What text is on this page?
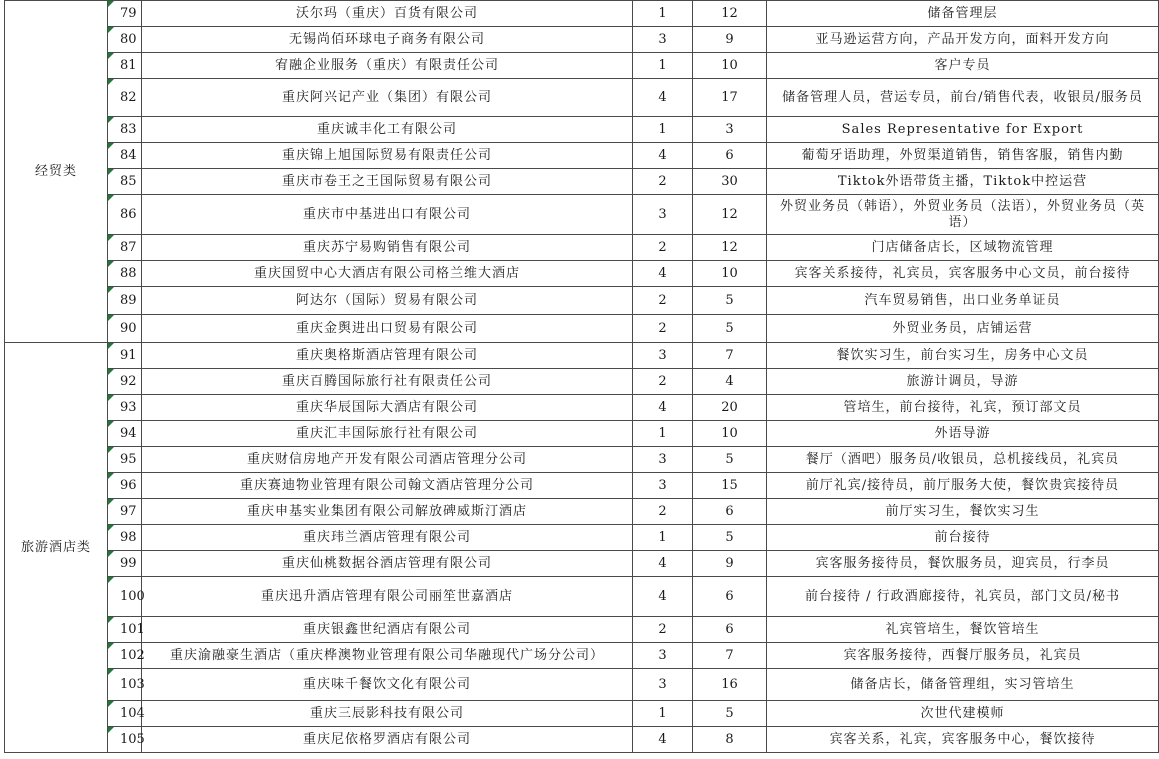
经贸类	79	沃尔玛（重庆）百货有限公司	1	12	储备管理层
	80	无锡尚佰环球电子商务有限公司	3	9	亚马逊运营方向，产品开发方向，面料开发方向
	81	宥融企业服务（重庆）有限责任公司	1	10	客户专员
	82	重庆阿兴记产业（集团）有限公司	4	17	储备管理人员，营运专员，前台/销售代表，收银员/服务员
	83	重庆诚丰化工有限公司	1	3	Sales Representative for Export
	84	重庆锦上旭国际贸易有限责任公司	4	6	葡萄牙语助理，外贸渠道销售，销售客服，销售内勤
	85	重庆市卷王之王国际贸易有限公司	2	30	Tiktok外语带货主播，Tiktok中控运营
	86	重庆市中基进出口有限公司	3	12	外贸业务员（韩语），外贸业务员（法语），外贸业务员（英语）
	87	重庆苏宁易购销售有限公司	2	12	门店储备店长，区域物流管理
	88	重庆国贸中心大酒店有限公司格兰维大酒店	4	10	宾客关系接待，礼宾员，宾客服务中心文员，前台接待
	89	阿达尔（国际）贸易有限公司	2	5	汽车贸易销售，出口业务单证员
	90	重庆金舆进出口贸易有限公司	2	5	外贸业务员，店铺运营
旅游酒店类	91	重庆奥格斯酒店管理有限公司	3	7	餐饮实习生，前台实习生，房务中心文员
	92	重庆百腾国际旅行社有限责任公司	2	4	旅游计调员，导游
	93	重庆华辰国际大酒店有限公司	4	20	管培生，前台接待，礼宾，预订部文员
	94	重庆汇丰国际旅行社有限公司	1	10	外语导游
	95	重庆财信房地产开发有限公司酒店管理分公司	3	5	餐厅（酒吧）服务员/收银员，总机接线员，礼宾员
	96	重庆赛迪物业管理有限公司翰文酒店管理分公司	3	15	前厅礼宾/接待员，前厅服务大使，餐饮贵宾接待员
	97	重庆申基实业集团有限公司解放碑威斯汀酒店	2	6	前厅实习生，餐饮实习生
	98	重庆玮兰酒店管理有限公司	1	5	前台接待
	99	重庆仙桃数据谷酒店管理有限公司	4	9	宾客服务接待员，餐饮服务员，迎宾员，行李员
	100	重庆迅升酒店管理有限公司丽笙世嘉酒店	4	6	前台接待 / 行政酒廊接待，礼宾员，部门文员/秘书
	101	重庆银鑫世纪酒店有限公司	2	6	礼宾管培生，餐饮管培生
	102	重庆渝融豪生酒店（重庆桦澳物业管理有限公司华融现代广场分公司）	3	7	宾客服务接待，西餐厅服务员，礼宾员
	103	重庆味千餐饮文化有限公司	3	16	储备店长，储备管理组，实习管培生
	104	重庆三辰影科技有限公司	1	5	次世代建模师
	105	重庆尼依格罗酒店有限公司	4	8	宾客关系，礼宾，宾客服务中心，餐饮接待
